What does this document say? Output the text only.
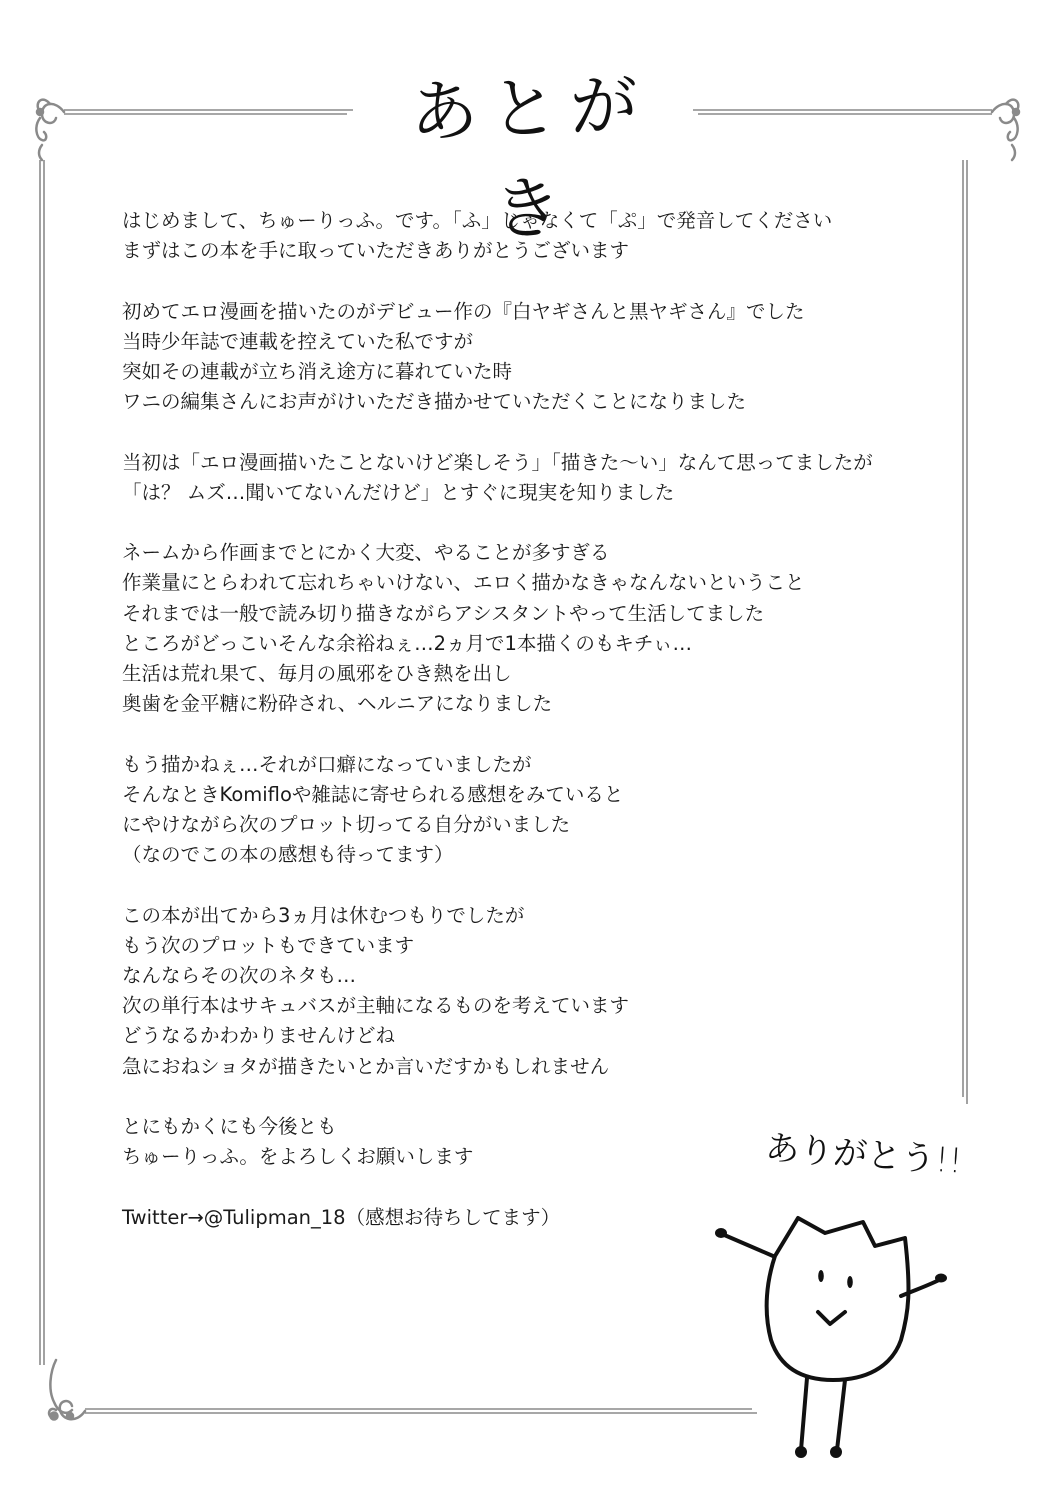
あとがき
はじめまして、ちゅーりっふ。です。「ふ」じゃなくて「ぷ」で発音してください
まずはこの本を手に取っていただきありがとうございます
初めてエロ漫画を描いたのがデビュー作の『白ヤギさんと黒ヤギさん』でした
当時少年誌で連載を控えていた私ですが
突如その連載が立ち消え途方に暮れていた時
ワニの編集さんにお声がけいただき描かせていただくことになりました
当初は「エロ漫画描いたことないけど楽しそう」「描きた〜い」なんて思ってましたが
「は？ ムズ…聞いてないんだけど」とすぐに現実を知りました
ネームから作画までとにかく大変、やることが多すぎる
作業量にとらわれて忘れちゃいけない、エロく描かなきゃなんないということ
それまでは一般で読み切り描きながらアシスタントやって生活してました
ところがどっこいそんな余裕ねぇ…2ヵ月で1本描くのもキチぃ…
生活は荒れ果て、毎月の風邪をひき熱を出し
奥歯を金平糖に粉砕され、ヘルニアになりました
もう描かねぇ…それが口癖になっていましたが
そんなときKomifloや雑誌に寄せられる感想をみていると
にやけながら次のプロット切ってる自分がいました
（なのでこの本の感想も待ってます）
この本が出てから3ヵ月は休むつもりでしたが
もう次のプロットもできています
なんならその次のネタも…
次の単行本はサキュバスが主軸になるものを考えています
どうなるかわかりませんけどね
急におねショタが描きたいとか言いだすかもしれません
とにもかくにも今後とも
ちゅーりっふ。をよろしくお願いします
Twitter→@Tulipman_18（感想お待ちしてます）
ありがとう!!
